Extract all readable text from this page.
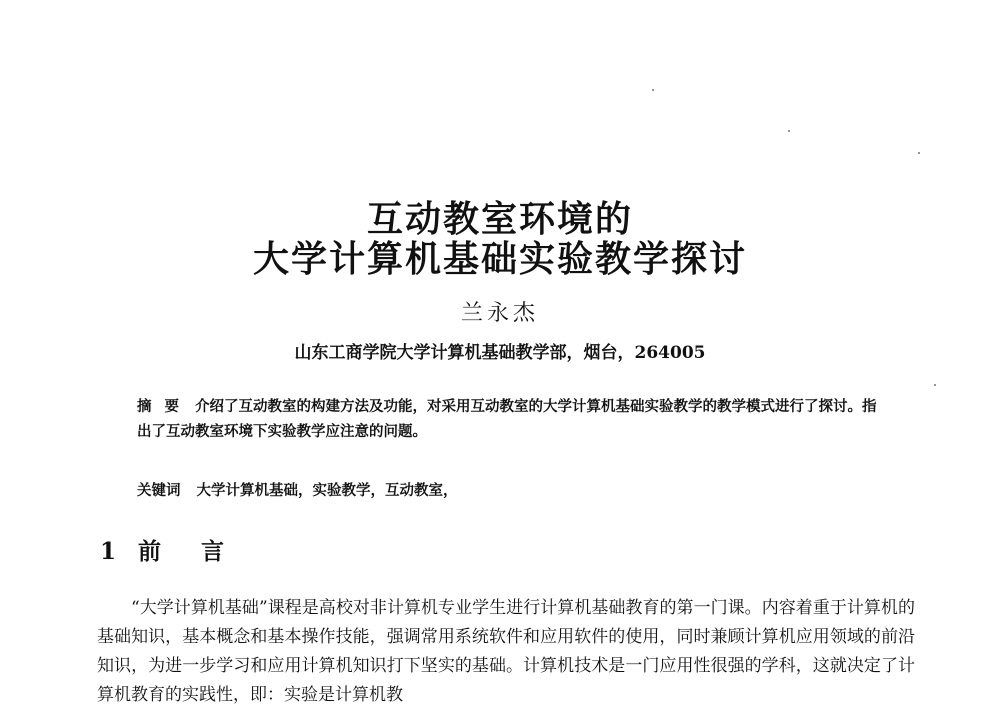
互动教室环境的
大学计算机基础实验教学探讨
兰永杰
山东工商学院大学计算机基础教学部，烟台，264005
摘 要 介绍了互动教室的构建方法及功能，对采用互动教室的大学计算机基础实验教学的教学模式进行了探讨。指出了互动教室环境下实验教学应注意的问题。
关键词 大学计算机基础，实验教学，互动教室，
1 前 言

“大学计算机基础”课程是高校对非计算机专业学生进行计算机基础教育的第一门课。内容着重于计算机的基础知识，基本概念和基本操作技能，强调常用系统软件和应用软件的使用，同时兼顾计算机应用领域的前沿知识，为进一步学习和应用计算机知识打下坚实的基础。计算机技术是一门应用性很强的学科，这就决定了计算机教育的实践性，即：实验是计算机教
